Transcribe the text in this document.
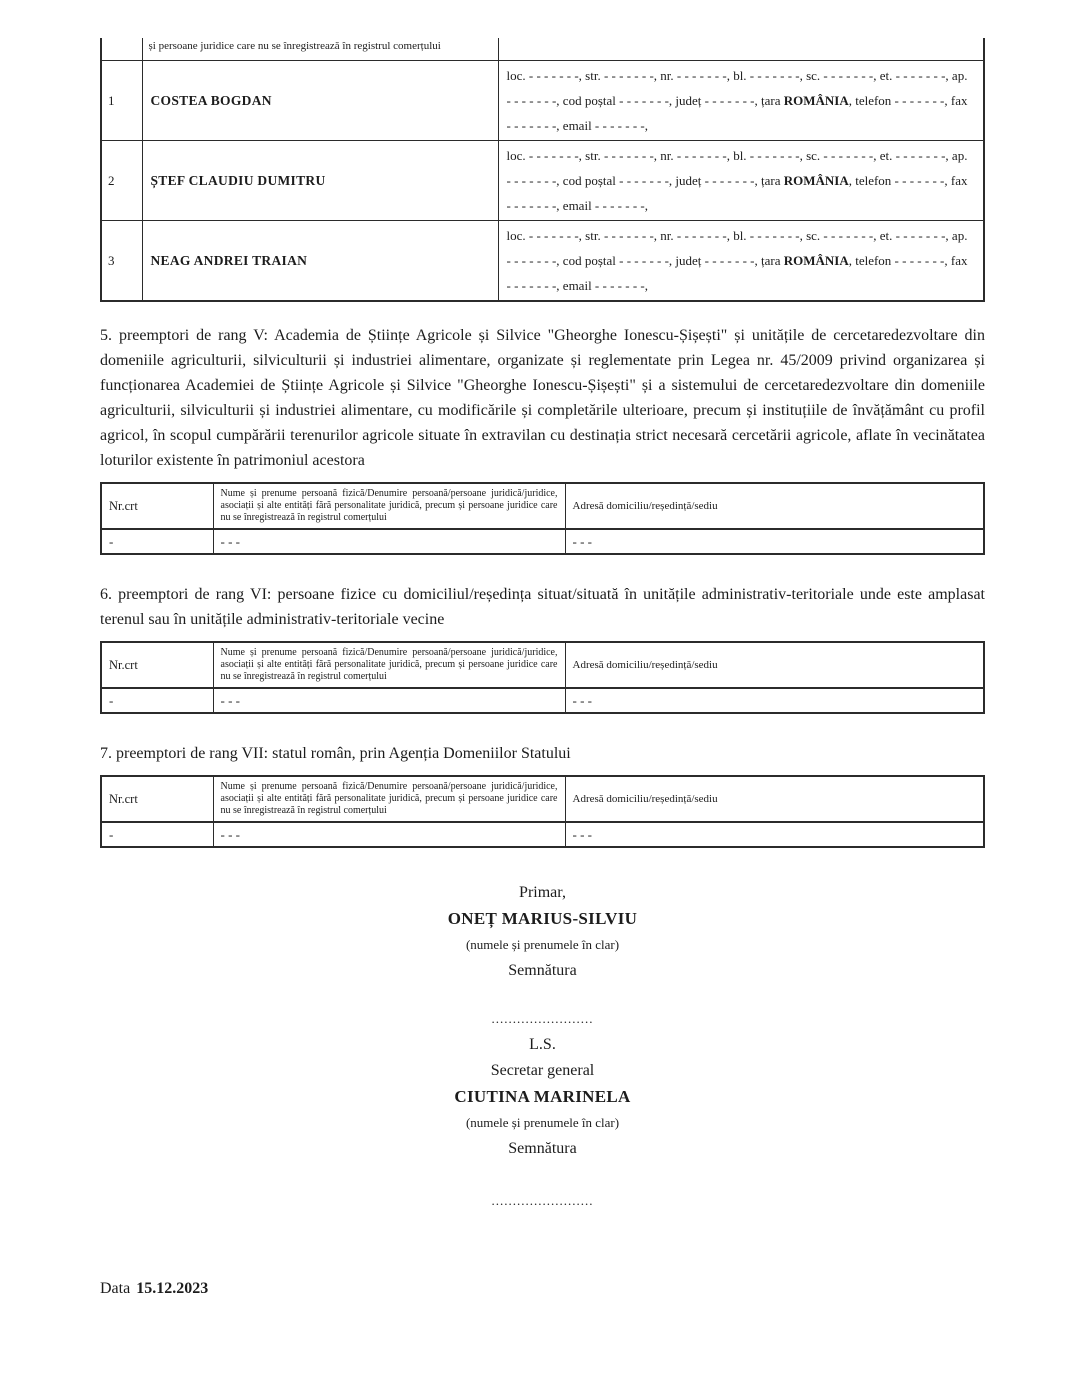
	și persoane juridice care nu se înregistrează în registrul comerțului	
1	COSTEA BOGDAN	loc. - - - - - - -, str. - - - - - - -, nr. - - - - - - -, bl. - - - - - - -, sc. - - - - - - -, et. - - - - - - -, ap. - - - - - - -, cod poștal - - - - - - -, județ - - - - - - -, țara ROMÂNIA, telefon - - - - - - -, fax - - - - - - -, email - - - - - - -,
2	ȘTEF CLAUDIU DUMITRU	loc. - - - - - - -, str. - - - - - - -, nr. - - - - - - -, bl. - - - - - - -, sc. - - - - - - -, et. - - - - - - -, ap. - - - - - - -, cod poștal - - - - - - -, județ - - - - - - -, țara ROMÂNIA, telefon - - - - - - -, fax - - - - - - -, email - - - - - - -,
3	NEAG ANDREI TRAIAN	loc. - - - - - - -, str. - - - - - - -, nr. - - - - - - -, bl. - - - - - - -, sc. - - - - - - -, et. - - - - - - -, ap. - - - - - - -, cod poștal - - - - - - -, județ - - - - - - -, țara ROMÂNIA, telefon - - - - - - -, fax - - - - - - -, email - - - - - - -,

5. preemptori de rang V: Academia de Științe Agricole și Silvice "Gheorghe Ionescu-Șișești" și unitățile de cercetaredezvoltare din domeniile agriculturii, silviculturii și industriei alimentare, organizate și reglementate prin Legea nr. 45/2009 privind organizarea și funcționarea Academiei de Științe Agricole și Silvice "Gheorghe Ionescu-Șișești" și a sistemului de cercetaredezvoltare din domeniile agriculturii, silviculturii și industriei alimentare, cu modificările și completările ulterioare, precum și instituțiile de învățământ cu profil agricol, în scopul cumpărării terenurilor agricole situate în extravilan cu destinația strict necesară cercetării agricole, aflate în vecinătatea loturilor existente în patrimoniul acestora

Nr.crt	Nume și prenume persoană fizică/Denumire persoană/persoane juridică/juridice, asociații și alte entități fără personalitate juridică, precum și persoane juridice care nu se înregistrează în registrul comerțului	Adresă domiciliu/reședință/sediu
-	- - -	- - -

6. preemptori de rang VI: persoane fizice cu domiciliul/reședința situat/situată în unitățile administrativ-teritoriale unde este amplasat terenul sau în unitățile administrativ-teritoriale vecine

Nr.crt	Nume și prenume persoană fizică/Denumire persoană/persoane juridică/juridice, asociații și alte entități fără personalitate juridică, precum și persoane juridice care nu se înregistrează în registrul comerțului	Adresă domiciliu/reședință/sediu
-	- - -	- - -

7. preemptori de rang VII: statul român, prin Agenția Domeniilor Statului

Nr.crt	Nume și prenume persoană fizică/Denumire persoană/persoane juridică/juridice, asociații și alte entități fără personalitate juridică, precum și persoane juridice care nu se înregistrează în registrul comerțului	Adresă domiciliu/reședință/sediu
-	- - -	- - -
Primar,
ONEȚ MARIUS-SILVIU
(numele și prenumele în clar)
Semnătura
........................
L.S.
Secretar general
CIUTINA MARINELA
(numele și prenumele în clar)
Semnătura
........................
Data 15.12.2023
